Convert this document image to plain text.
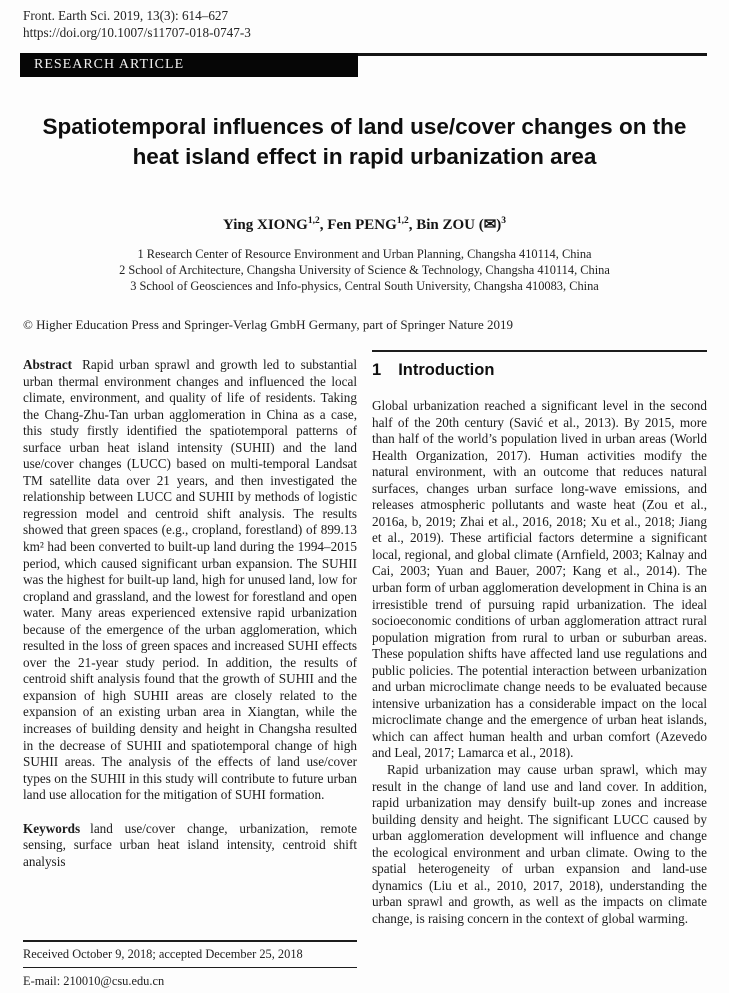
Front. Earth Sci. 2019, 13(3): 614–627
https://doi.org/10.1007/s11707-018-0747-3
RESEARCH ARTICLE
Spatiotemporal influences of land use/cover changes on the heat island effect in rapid urbanization area
Ying XIONG$^{1,2}$, Fen PENG$^{1,2}$, Bin ZOU (✉)$^3$
1 Research Center of Resource Environment and Urban Planning, Changsha 410114, China
2 School of Architecture, Changsha University of Science & Technology, Changsha 410114, China
3 School of Geosciences and Info-physics, Central South University, Changsha 410083, China
© Higher Education Press and Springer-Verlag GmbH Germany, part of Springer Nature 2019

Abstract Rapid urban sprawl and growth led to substantial urban thermal environment changes and influenced the local climate, environment, and quality of life of residents. Taking the Chang-Zhu-Tan urban agglomeration in China as a case, this study firstly identified the spatiotemporal patterns of surface urban heat island intensity (SUHII) and the land use/cover changes (LUCC) based on multi-temporal Landsat TM satellite data over 21 years, and then investigated the relationship between LUCC and SUHII by methods of logistic regression model and centroid shift analysis. The results showed that green spaces (e.g., cropland, forestland) of 899.13 km² had been converted to built-up land during the 1994–2015 period, which caused significant urban expansion. The SUHII was the highest for built-up land, high for unused land, low for cropland and grassland, and the lowest for forestland and open water. Many areas experienced extensive rapid urbanization because of the emergence of the urban agglomeration, which resulted in the loss of green spaces and increased SUHI effects over the 21-year study period. In addition, the results of centroid shift analysis found that the growth of SUHII and the expansion of high SUHII areas are closely related to the expansion of an existing urban area in Xiangtan, while the increases of building density and height in Changsha resulted in the decrease of SUHII and spatiotemporal change of high SUHII areas. The analysis of the effects of land use/cover types on the SUHII in this study will contribute to future urban land use allocation for the mitigation of SUHI formation.

Keywords land use/cover change, urbanization, remote sensing, surface urban heat island intensity, centroid shift analysis

1 Introduction

Global urbanization reached a significant level in the second half of the 20th century (Savić et al., 2013). By 2015, more than half of the world’s population lived in urban areas (World Health Organization, 2017). Human activities modify the natural environment, with an outcome that reduces natural surfaces, changes urban surface long-wave emissions, and releases atmospheric pollutants and waste heat (Zou et al., 2016a, b, 2019; Zhai et al., 2016, 2018; Xu et al., 2018; Jiang et al., 2019). These artificial factors determine a significant local, regional, and global climate (Arnfield, 2003; Kalnay and Cai, 2003; Yuan and Bauer, 2007; Kang et al., 2014). The urban form of urban agglomeration development in China is an irresistible trend of pursuing rapid urbanization. The ideal socioeconomic conditions of urban agglomeration attract rural population migration from rural to urban or suburban areas. These population shifts have affected land use regulations and public policies. The potential interaction between urbanization and urban microclimate change needs to be evaluated because intensive urbanization has a considerable impact on the local microclimate change and the emergence of urban heat islands, which can affect human health and urban comfort (Azevedo and Leal, 2017; Lamarca et al., 2018).

Rapid urbanization may cause urban sprawl, which may result in the change of land use and land cover. In addition, rapid urbanization may densify built-up zones and increase building density and height. The significant LUCC caused by urban agglomeration development will influence and change the ecological environment and urban climate. Owing to the spatial heterogeneity of urban expansion and land-use dynamics (Liu et al., 2010, 2017, 2018), understanding the urban sprawl and growth, as well as the impacts on climate change, is raising concern in the context of global warming.

Received October 9, 2018; accepted December 25, 2018
E-mail: 210010@csu.edu.cn
